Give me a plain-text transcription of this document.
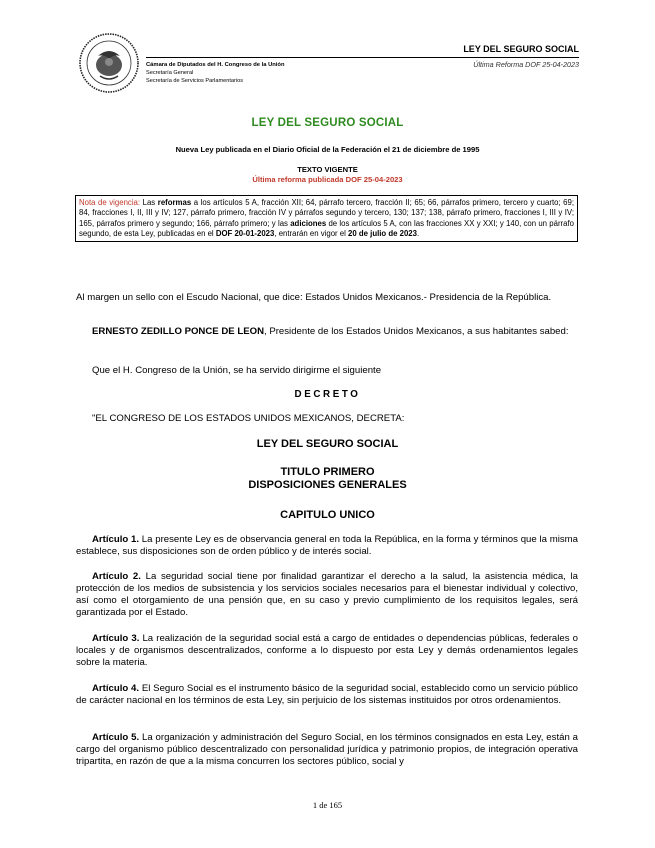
Cámara de Diputados del H. Congreso de la Unión
Secretaría General
Secretaría de Servicios Parlamentarios
LEY DEL SEGURO SOCIAL
Última Reforma DOF 25-04-2023
LEY DEL SEGURO SOCIAL
Nueva Ley publicada en el Diario Oficial de la Federación el 21 de diciembre de 1995
TEXTO VIGENTE
Última reforma publicada DOF 25-04-2023
Nota de vigencia: Las reformas a los artículos 5 A, fracción XII; 64, párrafo tercero, fracción II; 65; 66, párrafos primero, tercero y cuarto; 69; 84, fracciones I, II, III y IV; 127, párrafo primero, fracción IV y párrafos segundo y tercero, 130; 137; 138, párrafo primero, fracciones I, III y IV; 165, párrafos primero y segundo; 166, párrafo primero; y las adiciones de los artículos 5 A, con las fracciones XX y XXI; y 140, con un párrafo segundo, de esta Ley, publicadas en el DOF 20-01-2023, entrarán en vigor el 20 de julio de 2023.
Al margen un sello con el Escudo Nacional, que dice: Estados Unidos Mexicanos.- Presidencia de la República.
ERNESTO ZEDILLO PONCE DE LEON, Presidente de los Estados Unidos Mexicanos, a sus habitantes sabed:
Que el H. Congreso de la Unión, se ha servido dirigirme el siguiente
DECRETO
"EL CONGRESO DE LOS ESTADOS UNIDOS MEXICANOS, DECRETA:
LEY DEL SEGURO SOCIAL
TITULO PRIMERO
DISPOSICIONES GENERALES
CAPITULO UNICO
Artículo 1. La presente Ley es de observancia general en toda la República, en la forma y términos que la misma establece, sus disposiciones son de orden público y de interés social.
Artículo 2. La seguridad social tiene por finalidad garantizar el derecho a la salud, la asistencia médica, la protección de los medios de subsistencia y los servicios sociales necesarios para el bienestar individual y colectivo, así como el otorgamiento de una pensión que, en su caso y previo cumplimiento de los requisitos legales, será garantizada por el Estado.
Artículo 3. La realización de la seguridad social está a cargo de entidades o dependencias públicas, federales o locales y de organismos descentralizados, conforme a lo dispuesto por esta Ley y demás ordenamientos legales sobre la materia.
Artículo 4. El Seguro Social es el instrumento básico de la seguridad social, establecido como un servicio público de carácter nacional en los términos de esta Ley, sin perjuicio de los sistemas instituidos por otros ordenamientos.
Artículo 5. La organización y administración del Seguro Social, en los términos consignados en esta Ley, están a cargo del organismo público descentralizado con personalidad jurídica y patrimonio propios, de integración operativa tripartita, en razón de que a la misma concurren los sectores público, social y
1 de 165
